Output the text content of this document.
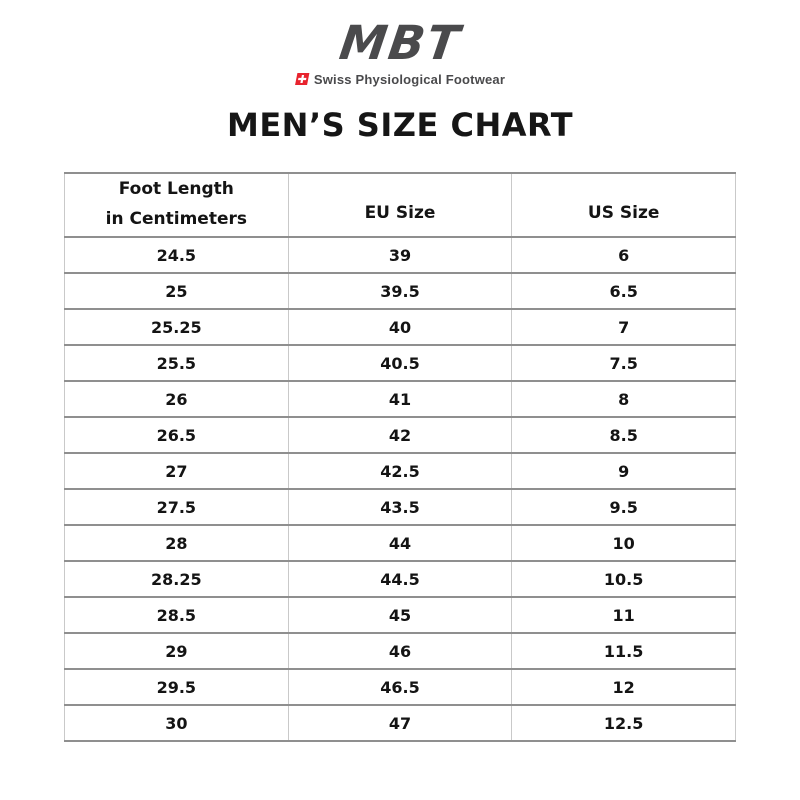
MBT
Swiss Physiological Footwear
MEN’S SIZE CHART
Foot Length
in Centimeters	EU Size	US Size
24.5	39	6
25	39.5	6.5
25.25	40	7
25.5	40.5	7.5
26	41	8
26.5	42	8.5
27	42.5	9
27.5	43.5	9.5
28	44	10
28.25	44.5	10.5
28.5	45	11
29	46	11.5
29.5	46.5	12
30	47	12.5
